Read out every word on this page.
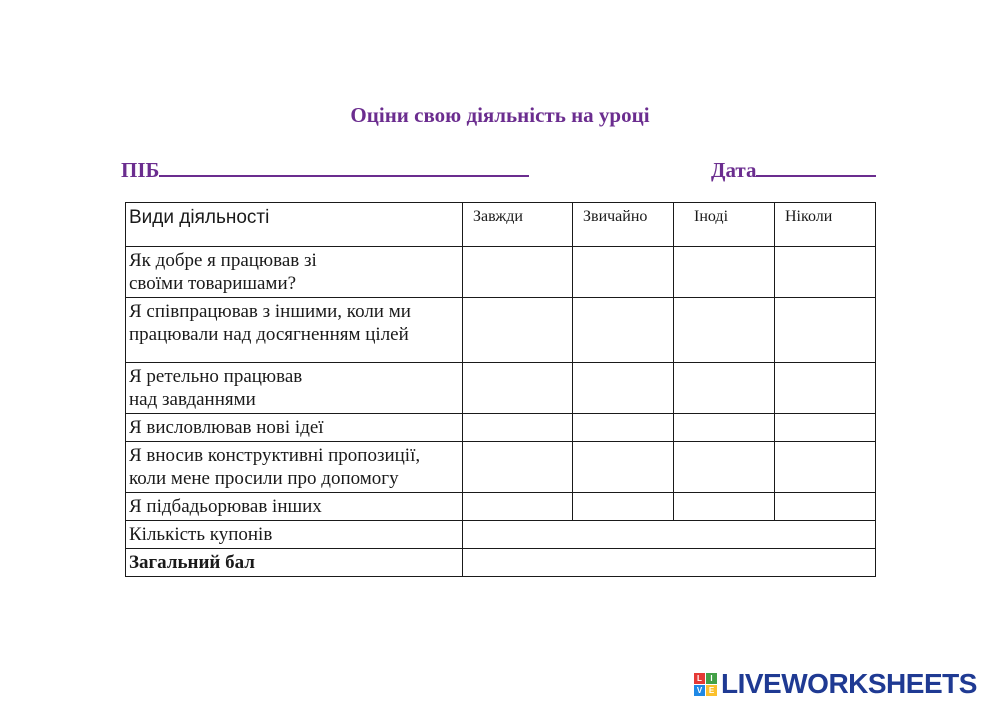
Оціни свою діяльність на уроці
ПІБ	Дата
Види діяльності	Завжди	Звичайно	Іноді	Ніколи
Як добре я працював зі
своїми товаришами?				
Я співпрацював з іншими, коли ми
працювали над досягненням цілей				
Я ретельно працював
над завданнями				
Я висловлював нові ідеї				
Я вносив конструктивні пропозиції,
коли мене просили про допомогу				
Я підбадьорював інших				
Кількість купонів				
Загальний бал				
L	I
V E LIVEWORKSHEETS
